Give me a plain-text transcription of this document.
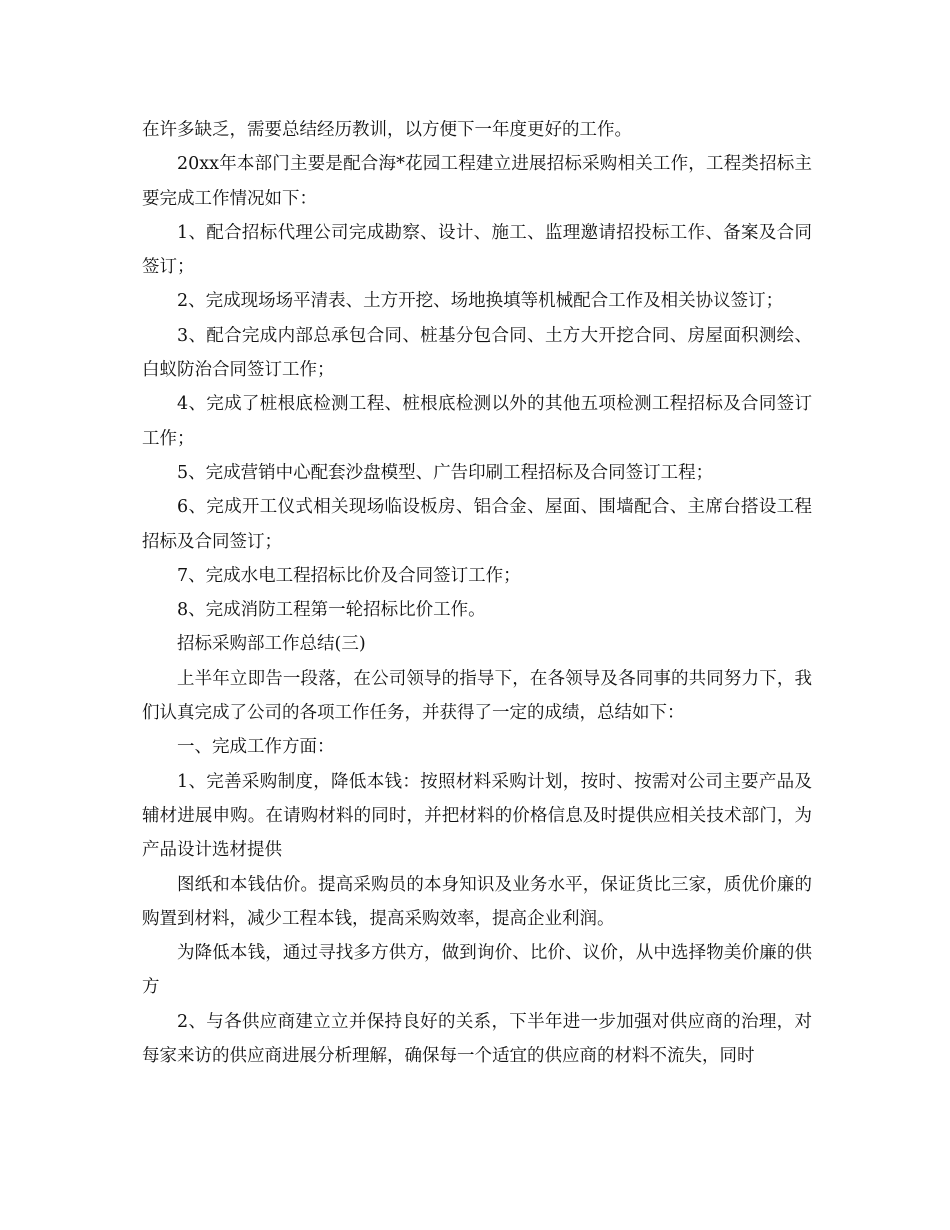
在许多缺乏，需要总结经历教训，以方便下一年度更好的工作。

20xx年本部门主要是配合海*花园工程建立进展招标采购相关工作，工程类招标主要完成工作情况如下：

1、配合招标代理公司完成勘察、设计、施工、监理邀请招投标工作、备案及合同签订；

2、完成现场场平清表、土方开挖、场地换填等机械配合工作及相关协议签订；

3、配合完成内部总承包合同、桩基分包合同、土方大开挖合同、房屋面积测绘、白蚁防治合同签订工作；

4、完成了桩根底检测工程、桩根底检测以外的其他五项检测工程招标及合同签订工作；

5、完成营销中心配套沙盘模型、广告印刷工程招标及合同签订工程；

6、完成开工仪式相关现场临设板房、铝合金、屋面、围墙配合、主席台搭设工程招标及合同签订；

7、完成水电工程招标比价及合同签订工作；

8、完成消防工程第一轮招标比价工作。

招标采购部工作总结(三)

上半年立即告一段落，在公司领导的指导下，在各领导及各同事的共同努力下，我们认真完成了公司的各项工作任务，并获得了一定的成绩，总结如下：

一、完成工作方面：

1、完善采购制度，降低本钱：按照材料采购计划，按时、按需对公司主要产品及辅材进展申购。在请购材料的同时，并把材料的价格信息及时提供应相关技术部门，为产品设计选材提供

图纸和本钱估价。提高采购员的本身知识及业务水平，保证货比三家，质优价廉的购置到材料，减少工程本钱，提高采购效率，提高企业利润。

为降低本钱，通过寻找多方供方，做到询价、比价、议价，从中选择物美价廉的供方

2、与各供应商建立立并保持良好的关系，下半年进一步加强对供应商的治理，对每家来访的供应商进展分析理解，确保每一个适宜的供应商的材料不流失，同时
